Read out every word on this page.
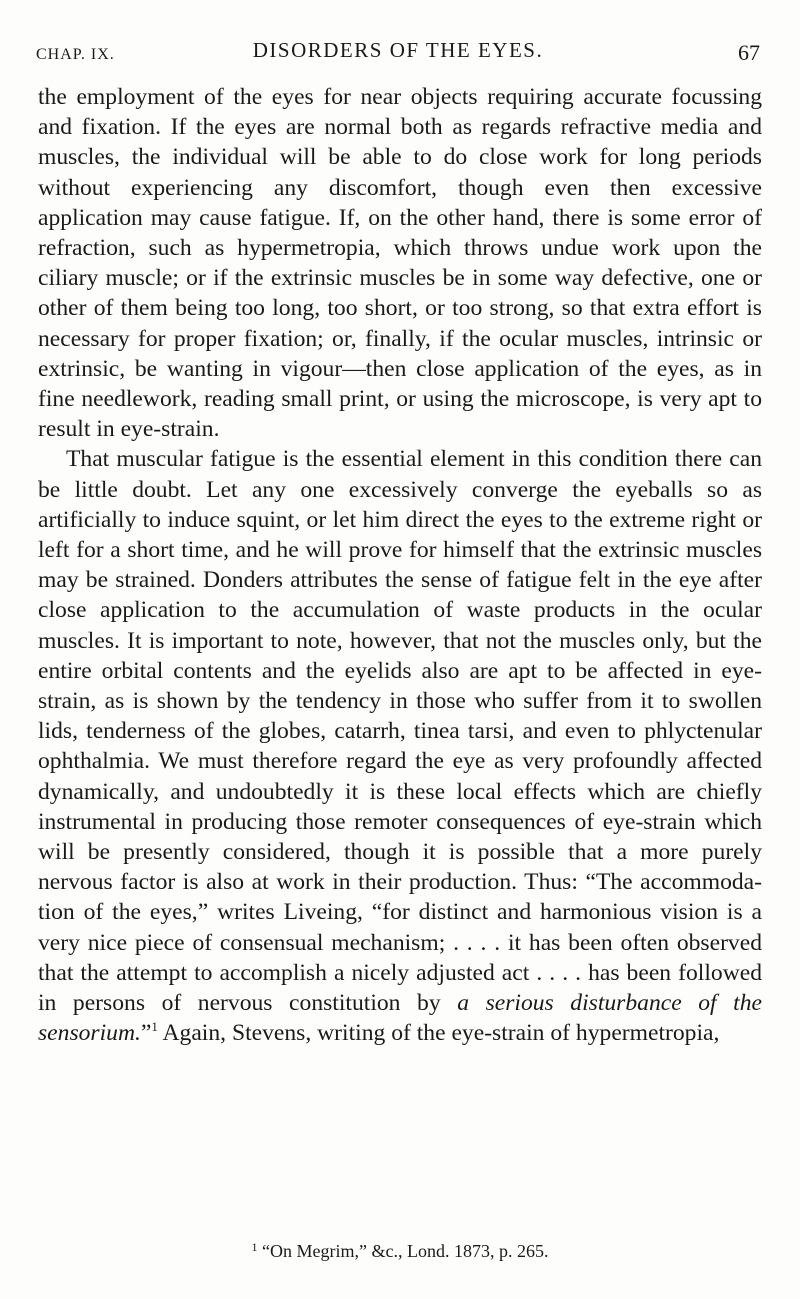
CHAP. IX.	DISORDERS OF THE EYES.	67

the employment of the eyes for near objects requiring accurate focussing and fixation. If the eyes are normal both as regards refractive media and muscles, the individual will be able to do close work for long periods without experiencing any discomfort, though even then excessive application may cause fatigue. If, on the other hand, there is some error of refraction, such as hypermetropia, which throws undue work upon the ciliary muscle; or if the extrinsic muscles be in some way defective, one or other of them being too long, too short, or too strong, so that extra effort is necessary for proper fixation; or, finally, if the ocular muscles, intrinsic or extrinsic, be wanting in vigour—then close application of the eyes, as in fine needlework, reading small print, or using the microscope, is very apt to result in eye-strain.

That muscular fatigue is the essential element in this condition there can be little doubt. Let any one excessively converge the eyeballs so as artificially to induce squint, or let him direct the eyes to the extreme right or left for a short time, and he will prove for himself that the extrinsic muscles may be strained. Donders attributes the sense of fatigue felt in the eye after close application to the accumulation of waste products in the ocular muscles. It is important to note, however, that not the muscles only, but the entire orbital contents and the eyelids also are apt to be affected in eye-strain, as is shown by the tendency in those who suffer from it to swollen lids, tenderness of the globes, catarrh, tinea tarsi, and even to phlyctenular ophthalmia. We must therefore regard the eye as very profoundly affected dynamically, and undoubtedly it is these local effects which are chiefly instrumental in producing those remoter consequences of eye-strain which will be presently considered, though it is possible that a more purely nervous factor is also at work in their production. Thus: “The accommodation of the eyes,” writes Liveing, “for distinct and harmonious vision is a very nice piece of consensual mechanism; . . . . it has been often observed that the attempt to accomplish a nicely adjusted act . . . . has been followed in persons of nervous constitution by a serious disturbance of the sensorium.”$^1$ Again, Stevens, writing of the eye-strain of hypermetropia,

$^1$ “On Megrim,” &c., Lond. 1873, p. 265.
